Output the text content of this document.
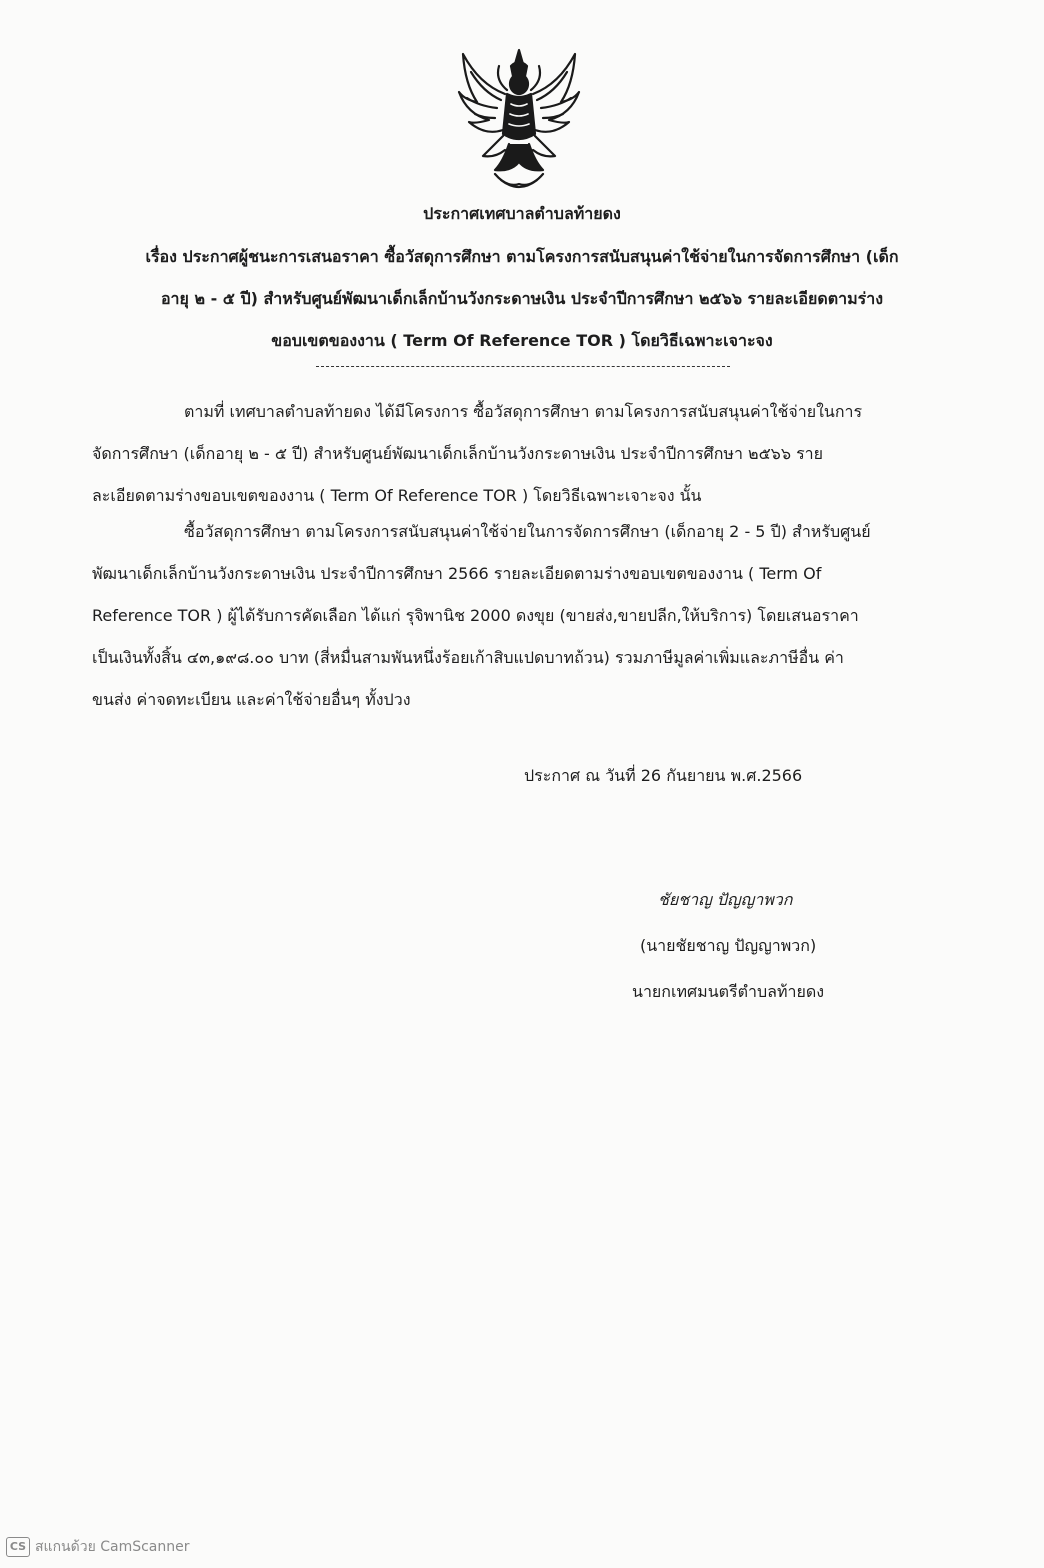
ประกาศเทศบาลตำบลท้ายดง
เรื่อง ประกาศผู้ชนะการเสนอราคา ซื้อวัสดุการศึกษา ตามโครงการสนับสนุนค่าใช้จ่ายในการจัดการศึกษา (เด็ก
อายุ ๒ - ๕ ปี) สำหรับศูนย์พัฒนาเด็กเล็กบ้านวังกระดาษเงิน ประจำปีการศึกษา ๒๕๖๖ รายละเอียดตามร่าง
ขอบเขตของงาน ( Term Of Reference TOR ) โดยวิธีเฉพาะเจาะจง
ตามที่ เทศบาลตำบลท้ายดง ได้มีโครงการ ซื้อวัสดุการศึกษา ตามโครงการสนับสนุนค่าใช้จ่ายในการ
จัดการศึกษา (เด็กอายุ ๒ - ๕ ปี) สำหรับศูนย์พัฒนาเด็กเล็กบ้านวังกระดาษเงิน ประจำปีการศึกษา ๒๕๖๖ ราย
ละเอียดตามร่างขอบเขตของงาน ( Term Of Reference TOR ) โดยวิธีเฉพาะเจาะจง นั้น
ซื้อวัสดุการศึกษา ตามโครงการสนับสนุนค่าใช้จ่ายในการจัดการศึกษา (เด็กอายุ 2 - 5 ปี) สำหรับศูนย์
พัฒนาเด็กเล็กบ้านวังกระดาษเงิน ประจำปีการศึกษา 2566 รายละเอียดตามร่างขอบเขตของงาน ( Term Of
Reference TOR ) ผู้ได้รับการคัดเลือก ได้แก่ รุจิพานิช 2000 ดงขุย (ขายส่ง,ขายปลีก,ให้บริการ) โดยเสนอราคา
เป็นเงินทั้งสิ้น ๔๓,๑๙๘.๐๐ บาท (สี่หมื่นสามพันหนึ่งร้อยเก้าสิบแปดบาทถ้วน) รวมภาษีมูลค่าเพิ่มและภาษีอื่น ค่า
ขนส่ง ค่าจดทะเบียน และค่าใช้จ่ายอื่นๆ ทั้งปวง
ประกาศ ณ วันที่ 26 กันยายน พ.ศ.2566
ชัยชาญ ปัญญาพวก
(นายชัยชาญ ปัญญาพวก)
นายกเทศมนตรีตำบลท้ายดง
CS สแกนด้วย CamScanner
